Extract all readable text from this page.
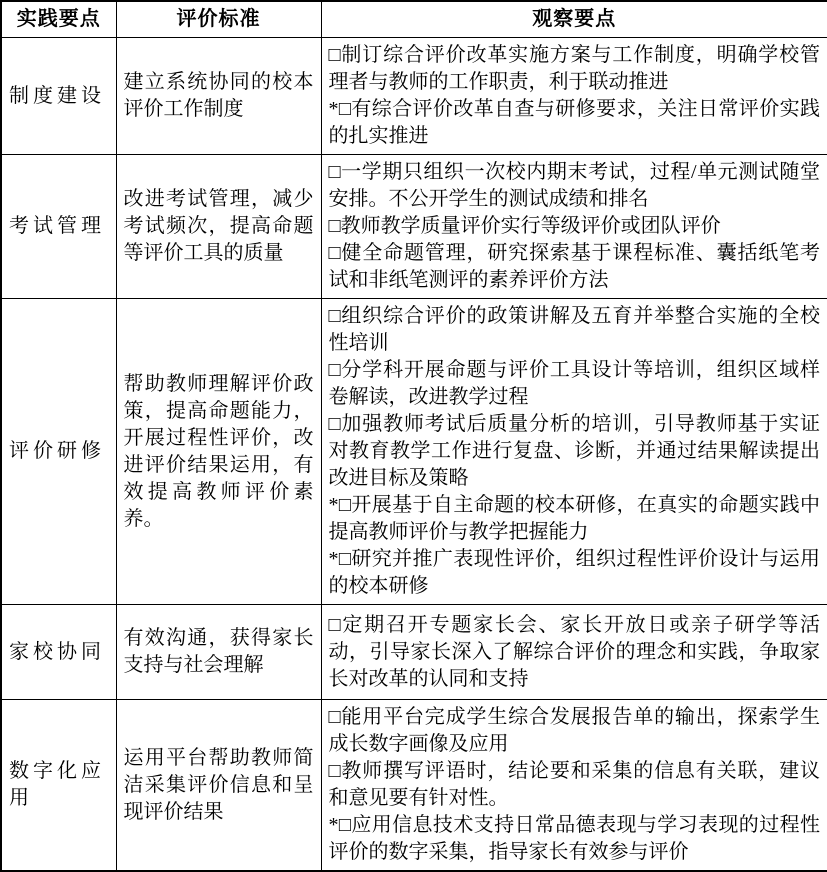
实践要点	评价标准	观察要点
制度建设	建立系统协同的校本评价工作制度	□制订综合评价改革实施方案与工作制度，明确学校管理者与教师的工作职责，利于联动推进
*□有综合评价改革自查与研修要求，关注日常评价实践的扎实推进

考试管理	改进考试管理，减少考试频次，提高命题等评价工具的质量	□一学期只组织一次校内期末考试，过程/单元测试随堂安排。不公开学生的测试成绩和排名
□教师教学质量评价实行等级评价或团队评价
□健全命题管理，研究探索基于课程标准、囊括纸笔考试和非纸笔测评的素养评价方法

评价研修	帮助教师理解评价政策，提高命题能力，开展过程性评价，改进评价结果运用，有效提高教师评价素养。	□组织综合评价的政策讲解及五育并举整合实施的全校性培训
□分学科开展命题与评价工具设计等培训，组织区域样卷解读，改进教学过程
□加强教师考试后质量分析的培训，引导教师基于实证对教育教学工作进行复盘、诊断，并通过结果解读提出改进目标及策略
*□开展基于自主命题的校本研修，在真实的命题实践中提高教师评价与教学把握能力
*□研究并推广表现性评价，组织过程性评价设计与运用的校本研修

家校协同	有效沟通，获得家长支持与社会理解	□定期召开专题家长会、家长开放日或亲子研学等活动，引导家长深入了解综合评价的理念和实践，争取家长对改革的认同和支持

数字化应用	运用平台帮助教师简洁采集评价信息和呈现评价结果	□能用平台完成学生综合发展报告单的输出，探索学生成长数字画像及应用
□教师撰写评语时，结论要和采集的信息有关联，建议和意见要有针对性。
*□应用信息技术支持日常品德表现与学习表现的过程性评价的数字采集，指导家长有效参与评价
